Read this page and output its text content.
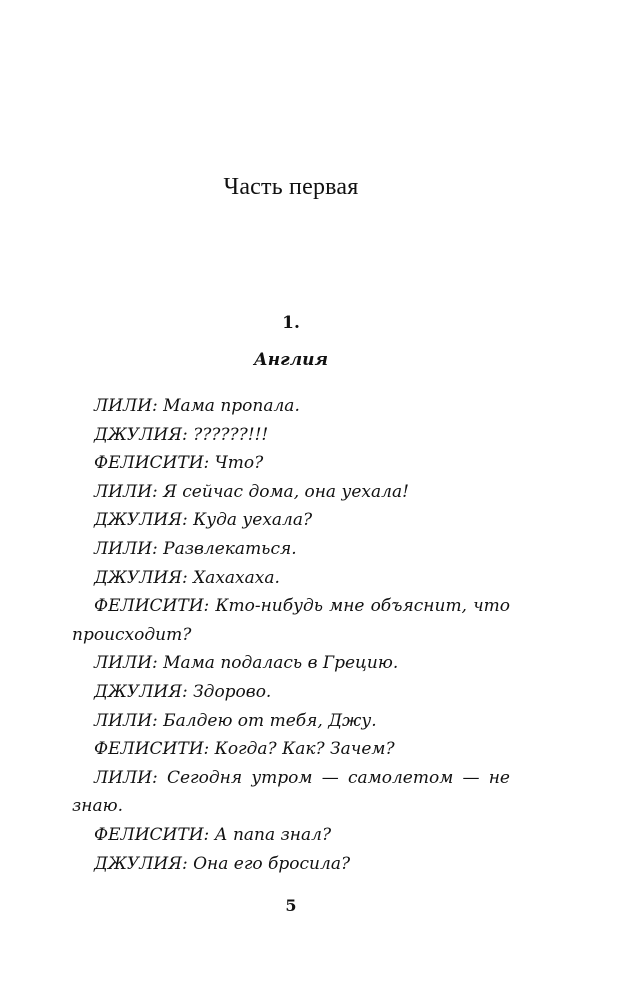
Часть первая
1.
Англия
ЛИЛИ: Мама пропала.
ДЖУЛИЯ: ??????!!!
ФЕЛИСИТИ: Что?
ЛИЛИ: Я сейчас дома, она уехала!
ДЖУЛИЯ: Куда уехала?
ЛИЛИ: Развлекаться.
ДЖУЛИЯ: Хахахаха.
ФЕЛИСИТИ: Кто-нибудь мне объяснит, что происходит?
ЛИЛИ: Мама подалась в Грецию.
ДЖУЛИЯ: Здорово.
ЛИЛИ: Балдею от тебя, Джу.
ФЕЛИСИТИ: Когда? Как? Зачем?
ЛИЛИ: Сегодня утром — самолетом — не знаю.
ФЕЛИСИТИ: А папа знал?
ДЖУЛИЯ: Она его бросила?
5
